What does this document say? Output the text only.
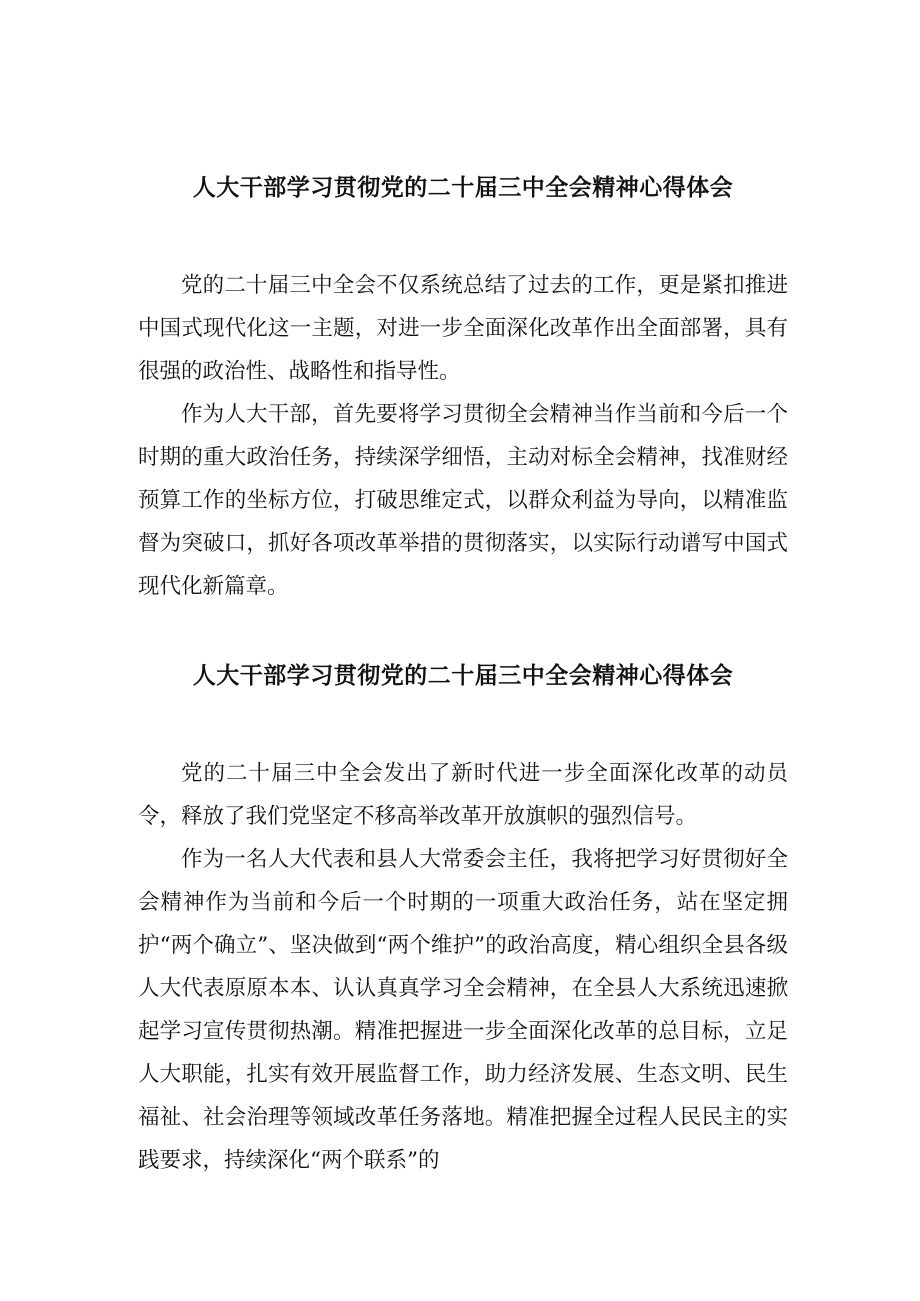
人大干部学习贯彻党的二十届三中全会精神心得体会

党的二十届三中全会不仅系统总结了过去的工作，更是紧扣推进中国式现代化这一主题，对进一步全面深化改革作出全面部署，具有很强的政治性、战略性和指导性。

作为人大干部，首先要将学习贯彻全会精神当作当前和今后一个时期的重大政治任务，持续深学细悟，主动对标全会精神，找准财经预算工作的坐标方位，打破思维定式，以群众利益为导向，以精准监督为突破口，抓好各项改革举措的贯彻落实，以实际行动谱写中国式现代化新篇章。

人大干部学习贯彻党的二十届三中全会精神心得体会

党的二十届三中全会发出了新时代进一步全面深化改革的动员令，释放了我们党坚定不移高举改革开放旗帜的强烈信号。

作为一名人大代表和县人大常委会主任，我将把学习好贯彻好全会精神作为当前和今后一个时期的一项重大政治任务，站在坚定拥护“两个确立”、坚决做到“两个维护”的政治高度，精心组织全县各级人大代表原原本本、认认真真学习全会精神，在全县人大系统迅速掀起学习宣传贯彻热潮。精准把握进一步全面深化改革的总目标，立足人大职能，扎实有效开展监督工作，助力经济发展、生态文明、民生福祉、社会治理等领域改革任务落地。精准把握全过程人民民主的实践要求，持续深化“两个联系”的
